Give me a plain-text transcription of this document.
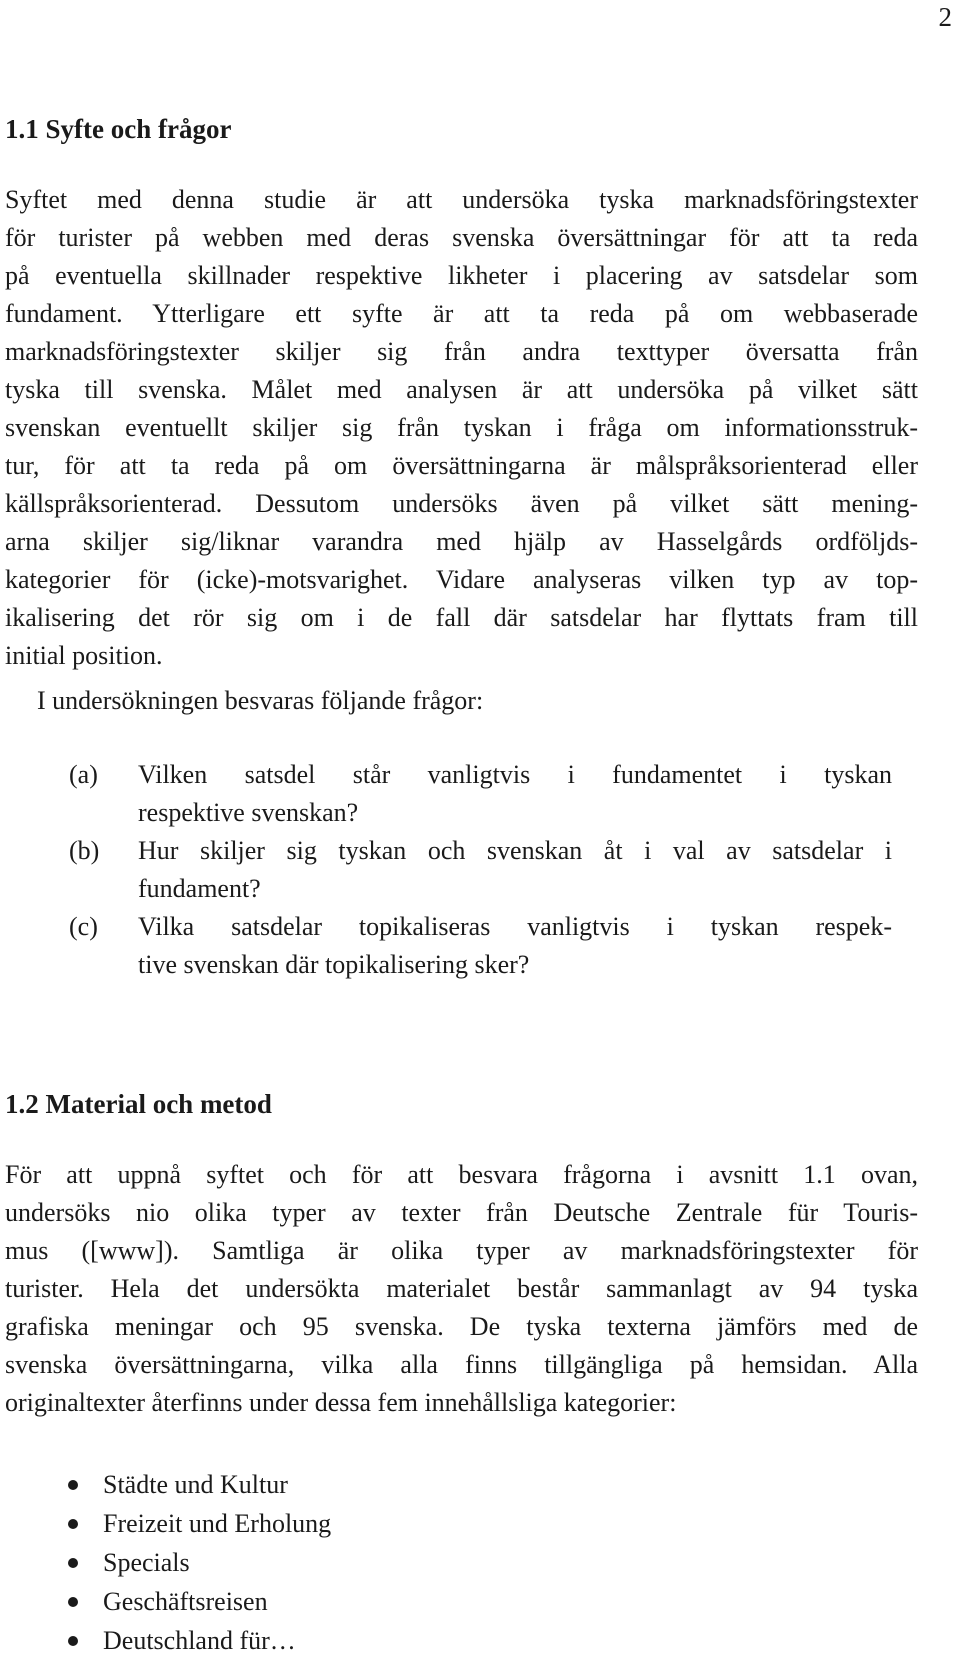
2
1.1 Syfte och frågor

Syftet med denna studie är att undersöka tyska marknadsföringstexter
för turister på webben med deras svenska översättningar för att ta reda
på eventuella skillnader respektive likheter i placering av satsdelar som
fundament. Ytterligare ett syfte är att ta reda på om webbaserade
marknadsföringstexter skiljer sig från andra texttyper översatta från
tyska till svenska. Målet med analysen är att undersöka på vilket sätt
svenskan eventuellt skiljer sig från tyskan i fråga om informationsstruk-
tur, för att ta reda på om översättningarna är målspråksorienterad eller
källspråksorienterad. Dessutom undersöks även på vilket sätt mening-
arna skiljer sig/liknar varandra med hjälp av Hasselgårds ordföljds-
kategorier för (icke)-motsvarighet. Vidare analyseras vilken typ av top-
ikalisering det rör sig om i de fall där satsdelar har flyttats fram till
initial position.

I undersökningen besvaras följande frågor:

(a) Vilken satsdel står vanligtvis i fundamentet i tyskan
respektive svenskan?
(b) Hur skiljer sig tyskan och svenskan åt i val av satsdelar i
fundament?
(c) Vilka satsdelar topikaliseras vanligtvis i tyskan respek-
tive svenskan där topikalisering sker?
1.2 Material och metod

För att uppnå syftet och för att besvara frågorna i avsnitt 1.1 ovan,
undersöks nio olika typer av texter från Deutsche Zentrale für Touris-
mus ([www]). Samtliga är olika typer av marknadsföringstexter för
turister. Hela det undersökta materialet består sammanlagt av 94 tyska
grafiska meningar och 95 svenska. De tyska texterna jämförs med de
svenska översättningarna, vilka alla finns tillgängliga på hemsidan. Alla
originaltexter återfinns under dessa fem innehållsliga kategorier:

Städte und Kultur
Freizeit und Erholung
Specials
Geschäftsreisen
Deutschland für…
